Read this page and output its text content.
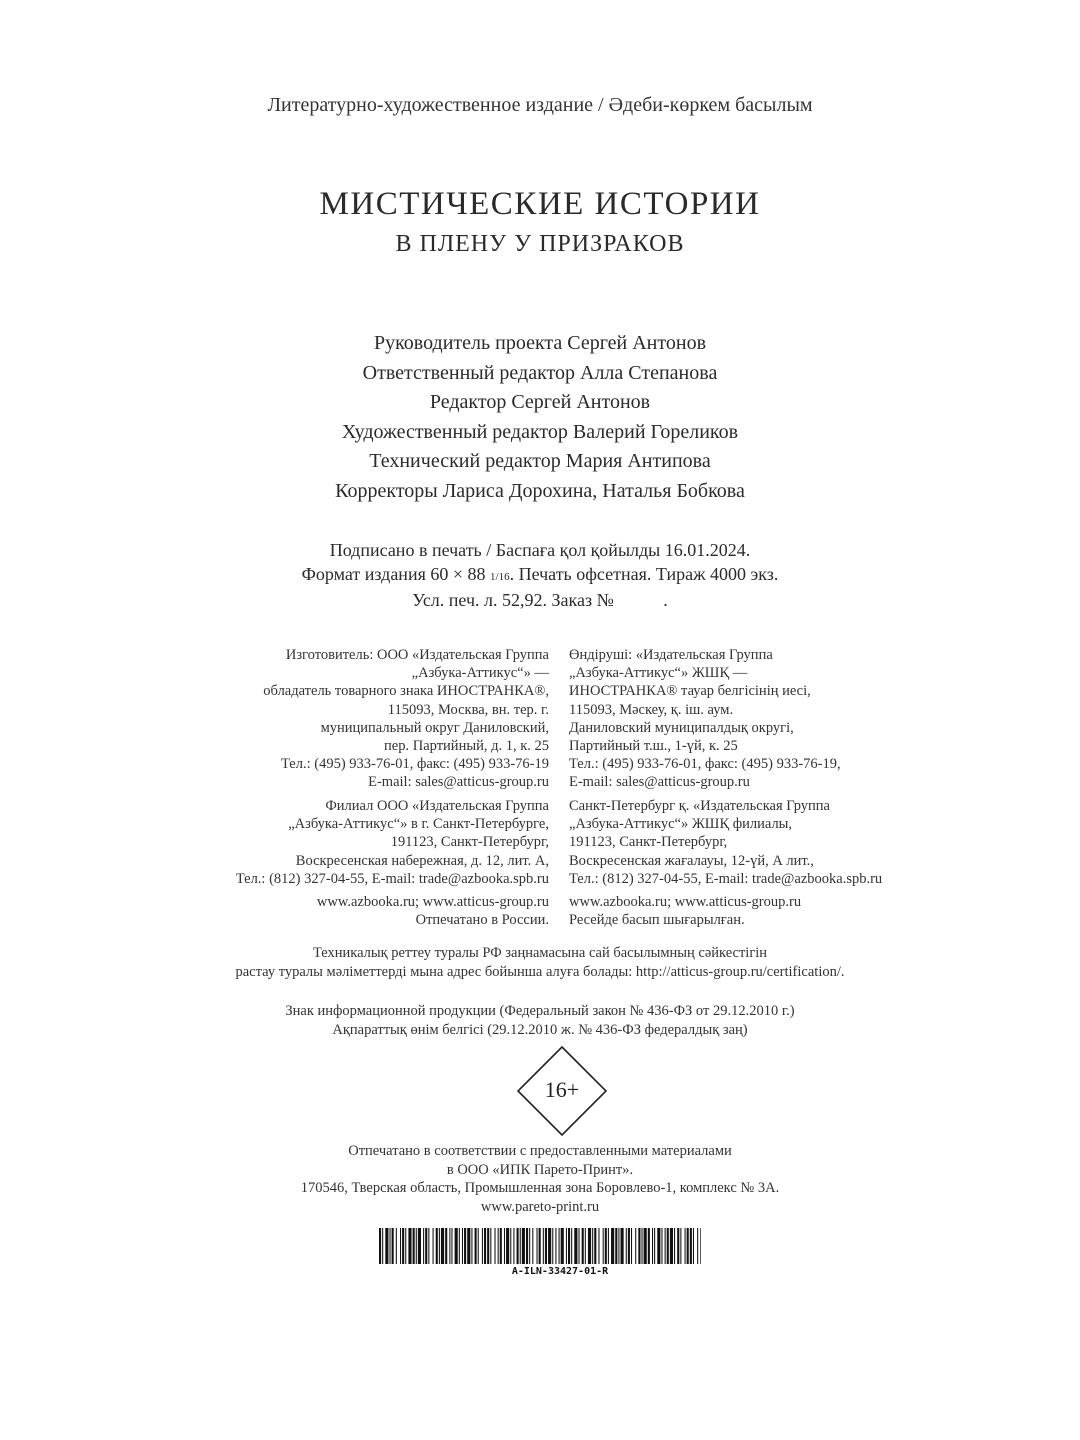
Литературно-художественное издание / Әдеби-көркем басылым
МИСТИЧЕСКИЕ ИСТОРИИ
В ПЛЕНУ У ПРИЗРАКОВ
Руководитель проекта Сергей Антонов
Ответственный редактор Алла Степанова
Редактор Сергей Антонов
Художественный редактор Валерий Гореликов
Технический редактор Мария Антипова
Корректоры Лариса Дорохина, Наталья Бобкова
Подписано в печать / Баспаға қол қойылды 16.01.2024.
Формат издания 60 × 88 1/16. Печать офсетная. Тираж 4000 экз.
Усл. печ. л. 52,92. Заказ №           .
Изготовитель: ООО «Издательская Группа
„Азбука-Аттикус“» —
обладатель товарного знака ИНОСТРАНКА®,
115093, Москва, вн. тер. г.
муниципальный округ Даниловский,
пер. Партийный, д. 1, к. 25
Тел.: (495) 933-76-01, факс: (495) 933-76-19
E-mail: sales@atticus-group.ru
Өндіруші: «Издательская Группа
„Азбука-Аттикус“» ЖШҚ —
ИНОСТРАНКА® тауар белгісінің иесі,
115093, Мәскеу, қ. іш. аум.
Даниловский муниципалдық округі,
Партийный т.ш., 1-үй, к. 25
Тел.: (495) 933-76-01, факс: (495) 933-76-19,
E-mail: sales@atticus-group.ru
Филиал ООО «Издательская Группа
„Азбука-Аттикус“» в г. Санкт-Петербурге,
191123, Санкт-Петербург,
Воскресенская набережная, д. 12, лит. А,
Тел.: (812) 327-04-55, E-mail: trade@azbooka.spb.ru
Санкт-Петербург қ. «Издательская Группа
„Азбука-Аттикус“» ЖШҚ филиалы,
191123, Санкт-Петербург,
Воскресенская жағалауы, 12-үй, А лит.,
Тел.: (812) 327-04-55, E-mail: trade@azbooka.spb.ru
www.azbooka.ru; www.atticus-group.ru
Отпечатано в России.
www.azbooka.ru; www.atticus-group.ru
Ресейде басып шығарылған.
Техникалық реттеу туралы РФ заңнамасына сай басылымның сәйкестігін
растау туралы мәліметтерді мына адрес бойынша алуға болады: http://atticus-group.ru/certification/.
Знак информационной продукции (Федеральный закон № 436-ФЗ от 29.12.2010 г.)
Ақпараттық өнім белгісі (29.12.2010 ж. № 436-ФЗ федералдық заң)
16+
Отпечатано в соответствии с предоставленными материалами
в ООО «ИПК Парето-Принт».
170546, Тверская область, Промышленная зона Боровлево-1, комплекс № 3А.
www.pareto-print.ru
A-ILN-33427-01-R
